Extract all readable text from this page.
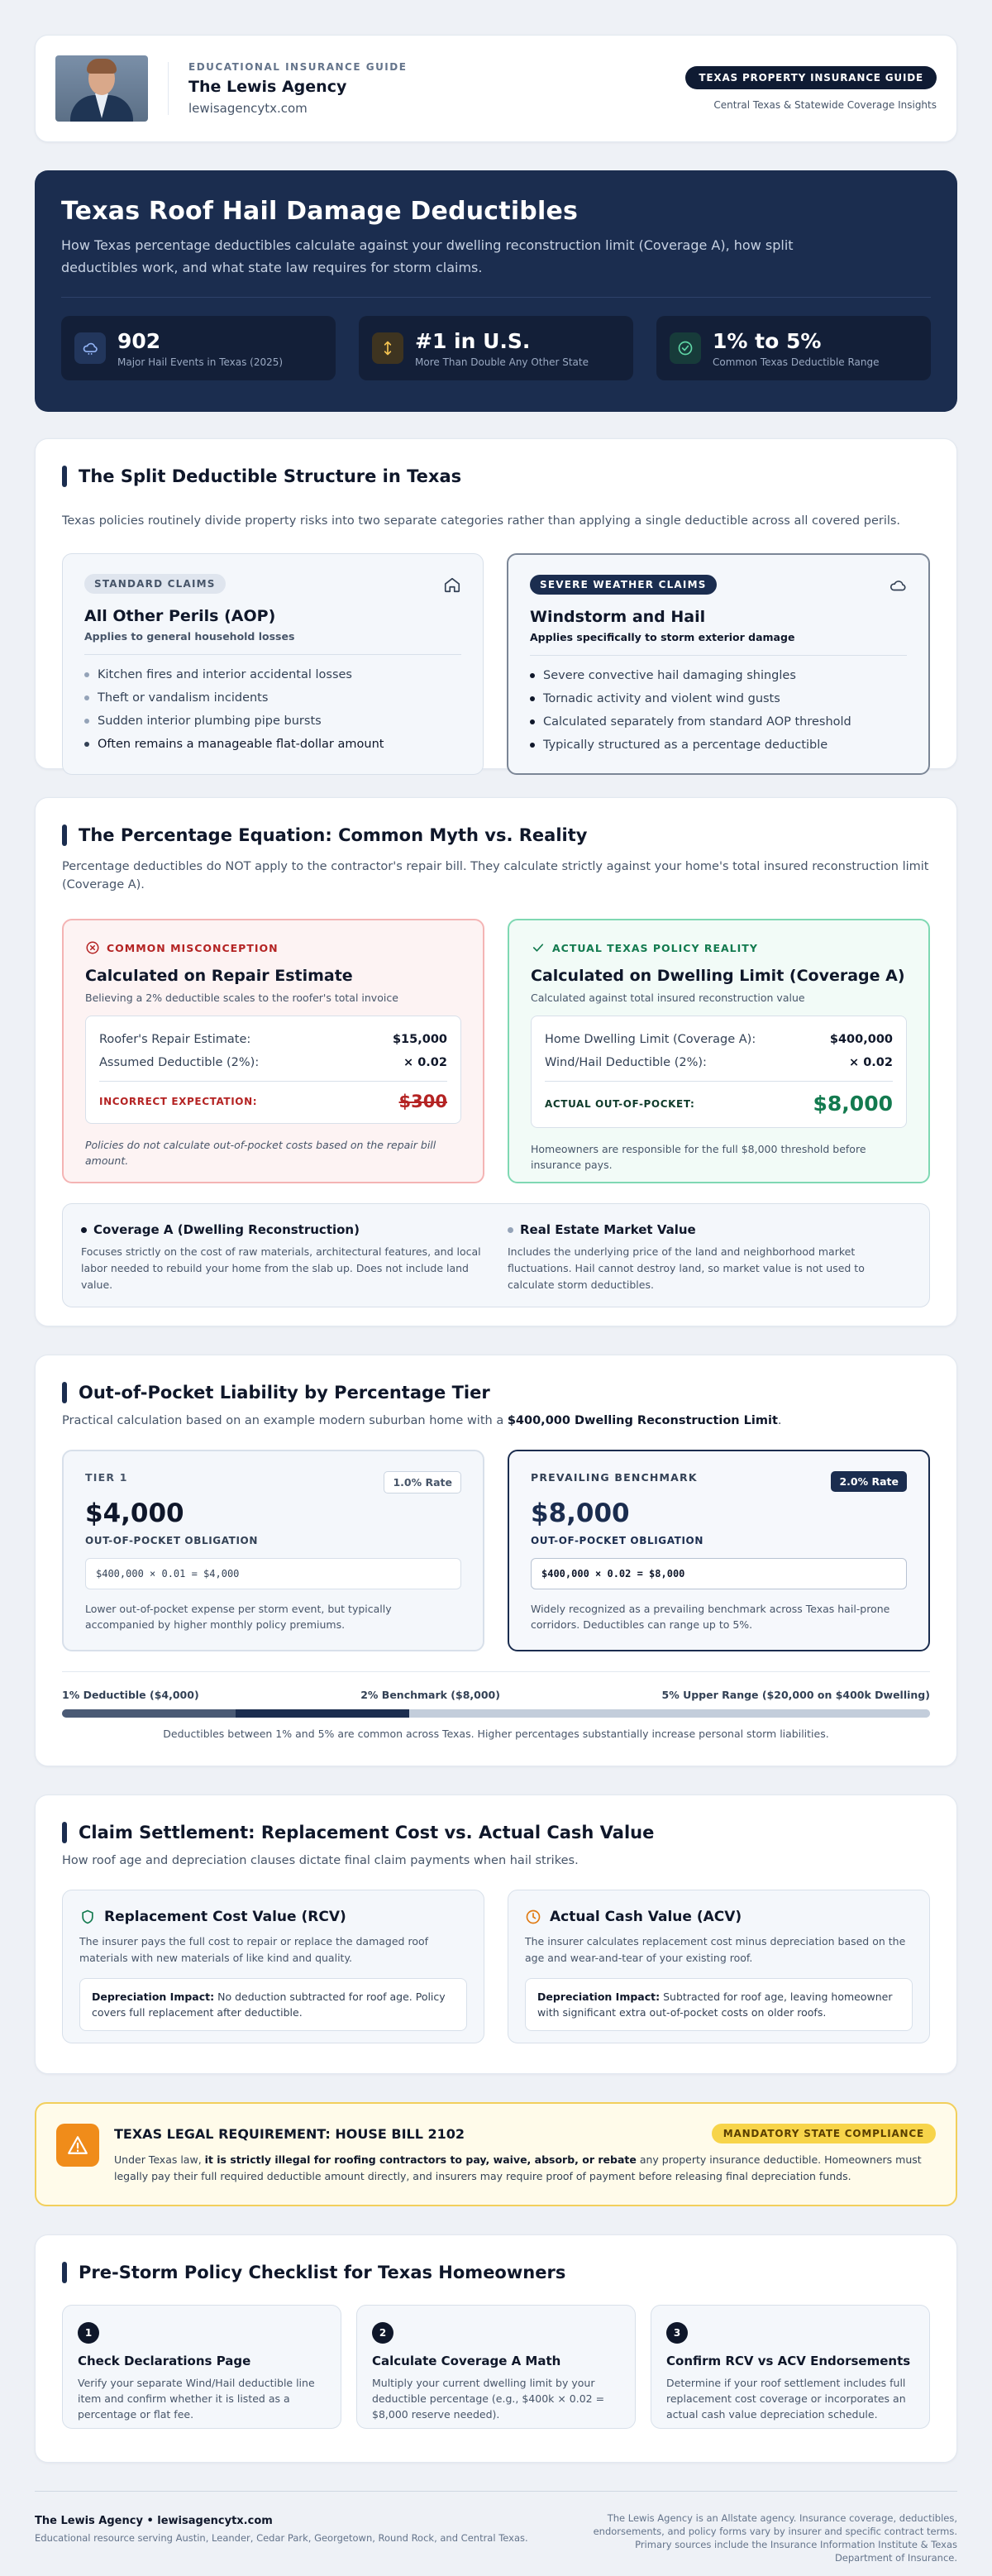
EDUCATIONAL INSURANCE GUIDE
The Lewis Agency
lewisagencytx.com
TEXAS PROPERTY INSURANCE GUIDE
Central Texas & Statewide Coverage Insights
Texas Roof Hail Damage Deductibles

How Texas percentage deductibles calculate against your dwelling reconstruction limit (Coverage A), how split deductibles work, and what state law requires for storm claims.

902
Major Hail Events in Texas (2025)
#1 in U.S.
More Than Double Any Other State
1% to 5%
Common Texas Deductible Range
The Split Deductible Structure in Texas
Texas policies routinely divide property risks into two separate categories rather than applying a single deductible across all covered perils.
STANDARD CLAIMS
All Other Perils (AOP)
Applies to general household losses
Kitchen fires and interior accidental losses
Theft or vandalism incidents
Sudden interior plumbing pipe bursts
Often remains a manageable flat-dollar amount
SEVERE WEATHER CLAIMS
Windstorm and Hail
Applies specifically to storm exterior damage
Severe convective hail damaging shingles
Tornadic activity and violent wind gusts
Calculated separately from standard AOP threshold
Typically structured as a percentage deductible
The Percentage Equation: Common Myth vs. Reality
Percentage deductibles do NOT apply to the contractor's repair bill. They calculate strictly against your home's total insured reconstruction limit (Coverage A).
COMMON MISCONCEPTION
Calculated on Repair Estimate
Believing a 2% deductible scales to the roofer's total invoice
Roofer's Repair Estimate:	$15,000
Assumed Deductible (2%):	× 0.02
INCORRECT EXPECTATION:	$300
Policies do not calculate out-of-pocket costs based on the repair bill amount.
ACTUAL TEXAS POLICY REALITY
Calculated on Dwelling Limit (Coverage A)
Calculated against total insured reconstruction value
Home Dwelling Limit (Coverage A):	$400,000
Wind/Hail Deductible (2%):	× 0.02
ACTUAL OUT-OF-POCKET:	$8,000
Homeowners are responsible for the full $8,000 threshold before insurance pays.
Coverage A (Dwelling Reconstruction)
Focuses strictly on the cost of raw materials, architectural features, and local labor needed to rebuild your home from the slab up. Does not include land value.
Real Estate Market Value
Includes the underlying price of the land and neighborhood market fluctuations. Hail cannot destroy land, so market value is not used to calculate storm deductibles.
Out-of-Pocket Liability by Percentage Tier
Practical calculation based on an example modern suburban home with a $400,000 Dwelling Reconstruction Limit.
TIER 1	1.0% Rate
$4,000
OUT-OF-POCKET OBLIGATION
$400,000 × 0.01 = $4,000
Lower out-of-pocket expense per storm event, but typically accompanied by higher monthly policy premiums.
PREVAILING BENCHMARK	2.0% Rate
$8,000
OUT-OF-POCKET OBLIGATION
$400,000 × 0.02 = $8,000
Widely recognized as a prevailing benchmark across Texas hail-prone corridors. Deductibles can range up to 5%.
1% Deductible ($4,000)	2% Benchmark ($8,000)	5% Upper Range ($20,000 on $400k Dwelling)
Deductibles between 1% and 5% are common across Texas. Higher percentages substantially increase personal storm liabilities.
Claim Settlement: Replacement Cost vs. Actual Cash Value
How roof age and depreciation clauses dictate final claim payments when hail strikes.
Replacement Cost Value (RCV)
The insurer pays the full cost to repair or replace the damaged roof materials with new materials of like kind and quality.
Depreciation Impact: No deduction subtracted for roof age. Policy covers full replacement after deductible.
Actual Cash Value (ACV)
The insurer calculates replacement cost minus depreciation based on the age and wear-and-tear of your existing roof.
Depreciation Impact: Subtracted for roof age, leaving homeowner with significant extra out-of-pocket costs on older roofs.
TEXAS LEGAL REQUIREMENT: HOUSE BILL 2102	MANDATORY STATE COMPLIANCE
Under Texas law, it is strictly illegal for roofing contractors to pay, waive, absorb, or rebate any property insurance deductible. Homeowners must legally pay their full required deductible amount directly, and insurers may require proof of payment before releasing final depreciation funds.
Pre-Storm Policy Checklist for Texas Homeowners
1
Check Declarations Page
Verify your separate Wind/Hail deductible line item and confirm whether it is listed as a percentage or flat fee.
2
Calculate Coverage A Math
Multiply your current dwelling limit by your deductible percentage (e.g., $400k × 0.02 = $8,000 reserve needed).
3
Confirm RCV vs ACV Endorsements
Determine if your roof settlement includes full replacement cost coverage or incorporates an actual cash value depreciation schedule.
The Lewis Agency • lewisagencytx.com
Educational resource serving Austin, Leander, Cedar Park, Georgetown, Round Rock, and Central Texas.
The Lewis Agency is an Allstate agency. Insurance coverage, deductibles, endorsements, and policy forms vary by insurer and specific contract terms. Primary sources include the Insurance Information Institute & Texas Department of Insurance.
